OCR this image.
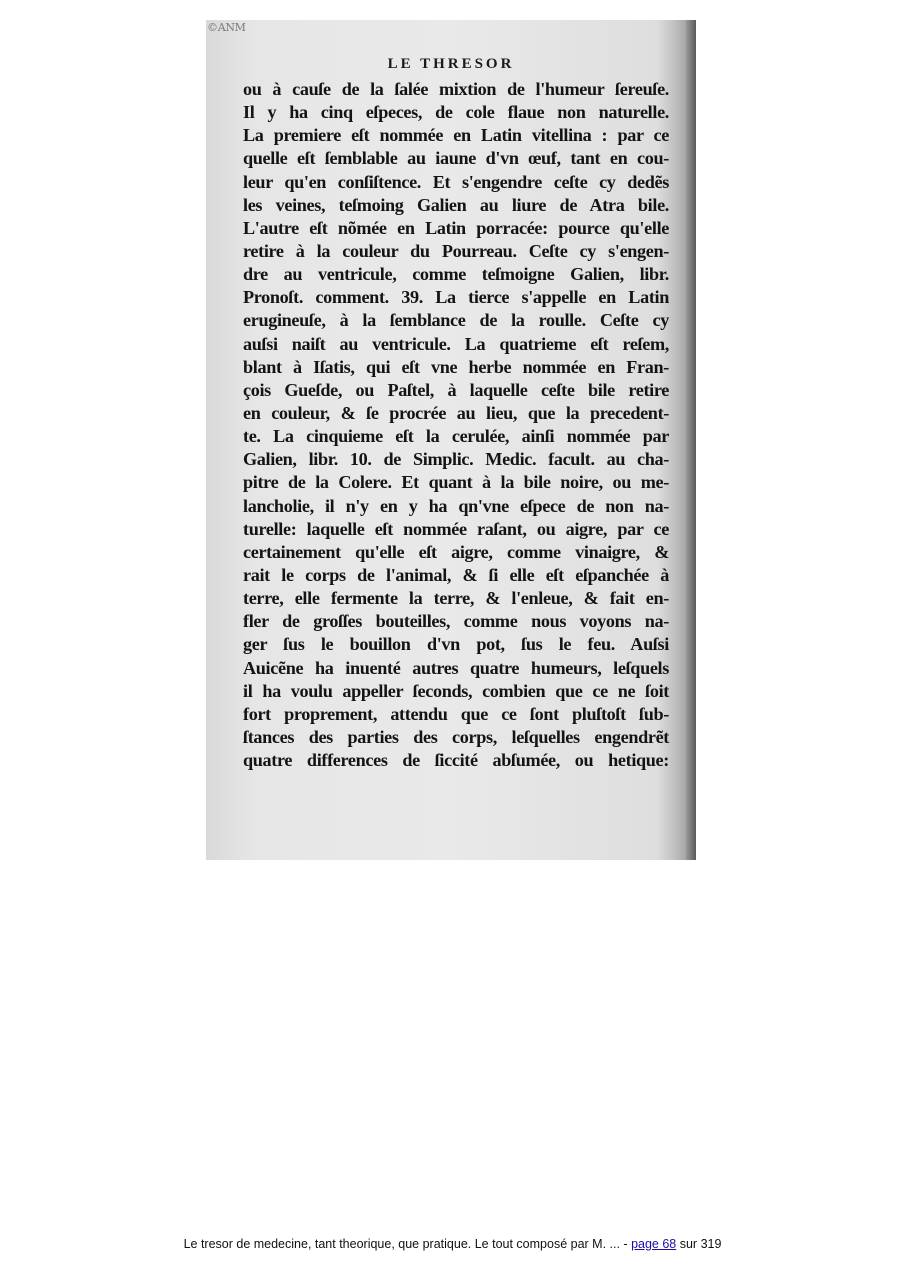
©ANM
LE THRESOR
ou à cauſe de la ſalée mixtion de l'humeur ſereuſe.
Il y ha cinq eſpeces, de cole flaue non naturelle.
La premiere eſt nommée en Latin vitellina : par ce
quelle eſt ſemblable au iaune d'vn œuf, tant en cou-
leur qu'en conſiſtence. Et s'engendre ceſte cy dedẽs
les veines, teſmoing Galien au liure de Atra bile.
L'autre eſt nõmée en Latin porracée: pource qu'elle
retire à la couleur du Pourreau. Ceſte cy s'engen-
dre au ventricule, comme teſmoigne Galien, libr.
Pronoſt. comment. 39. La tierce s'appelle en Latin
erugineuſe, à la ſemblance de la roulle. Ceſte cy
auſsi naiſt au ventricule. La quatrieme eſt reſem,
blant à Iſatis, qui eſt vne herbe nommée en Fran-
çois Gueſde, ou Paſtel, à laquelle ceſte bile retire
en couleur, & ſe procrée au lieu, que la precedent-
te. La cinquieme eſt la cerulée, ainſi nommée par
Galien, libr. 10. de Simplic. Medic. facult. au cha-
pitre de la Colere. Et quant à la bile noire, ou me-
lancholie, il n'y en y ha qn'vne eſpece de non na-
turelle: laquelle eſt nommée raſant, ou aigre, par ce
certainement qu'elle eſt aigre, comme vinaigre, &
rait le corps de l'animal, & ſi elle eſt eſpanchée à
terre, elle fermente la terre, & l'enleue, & fait en-
fler de groſſes bouteilles, comme nous voyons na-
ger ſus le bouillon d'vn pot, ſus le feu. Auſsi
Auicẽne ha inuenté autres quatre humeurs, leſquels
il ha voulu appeller ſeconds, combien que ce ne ſoit
fort proprement, attendu que ce ſont pluſtoſt ſub-
ſtances des parties des corps, leſquelles engendrẽt
quatre differences de ſiccité abſumée, ou hetique:
Le tresor de medecine, tant theorique, que pratique. Le tout composé par M. ... - page 68 sur 319
